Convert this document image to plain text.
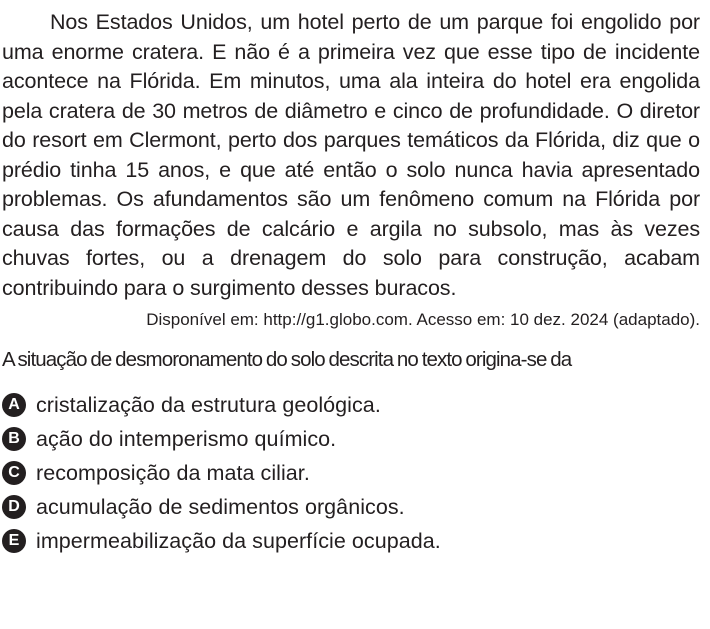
Nos Estados Unidos, um hotel perto de um parque foi engolido por uma enorme cratera. E não é a primeira vez que esse tipo de incidente acontece na Flórida. Em minutos, uma ala inteira do hotel era engolida pela cratera de 30 metros de diâmetro e cinco de profundidade. O diretor do resort em Clermont, perto dos parques temáticos da Flórida, diz que o prédio tinha 15 anos, e que até então o solo nunca havia apresentado problemas. Os afundamentos são um fenômeno comum na Flórida por causa das formações de calcário e argila no subsolo, mas às vezes chuvas fortes, ou a drenagem do solo para construção, acabam contribuindo para o surgimento desses buracos.

Disponível em: http://g1.globo.com. Acesso em: 10 dez. 2024 (adaptado).

A situação de desmoronamento do solo descrita no texto origina-se da

A cristalização da estrutura geológica.
B ação do intemperismo químico.
C recomposição da mata ciliar.
D acumulação de sedimentos orgânicos.
E impermeabilização da superfície ocupada.
